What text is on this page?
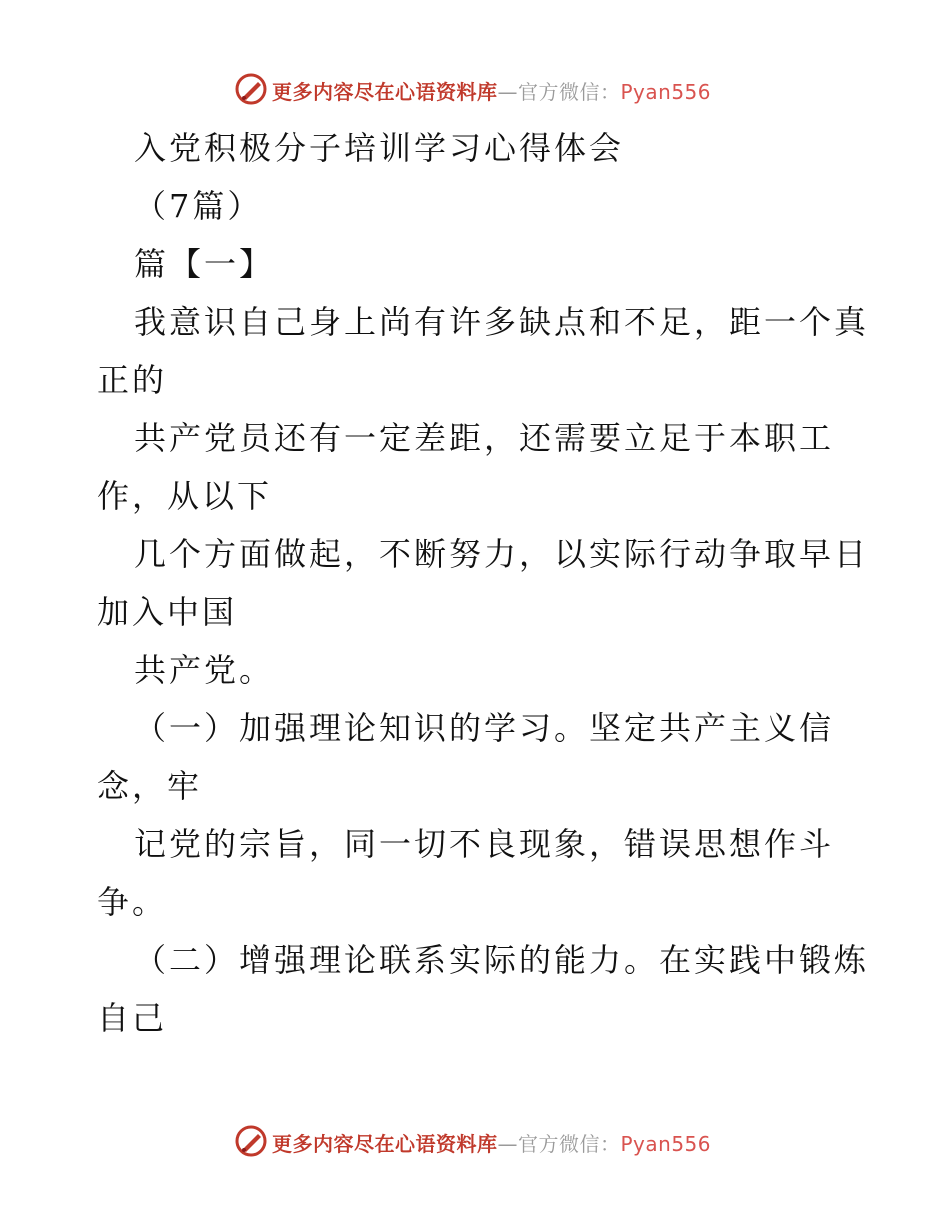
更多内容尽在心语资料库—官方微信：Pyan556
入党积极分子培训学习心得体会
（7篇）
篇【一】
我意识自己身上尚有许多缺点和不足，距一个真
正的
共产党员还有一定差距，还需要立足于本职工
作，从以下
几个方面做起，不断努力，以实际行动争取早日
加入中国
共产党。
（一）加强理论知识的学习。坚定共产主义信
念，牢
记党的宗旨，同一切不良现象，错误思想作斗
争。
（二）增强理论联系实际的能力。在实践中锻炼
自己
更多内容尽在心语资料库—官方微信：Pyan556
